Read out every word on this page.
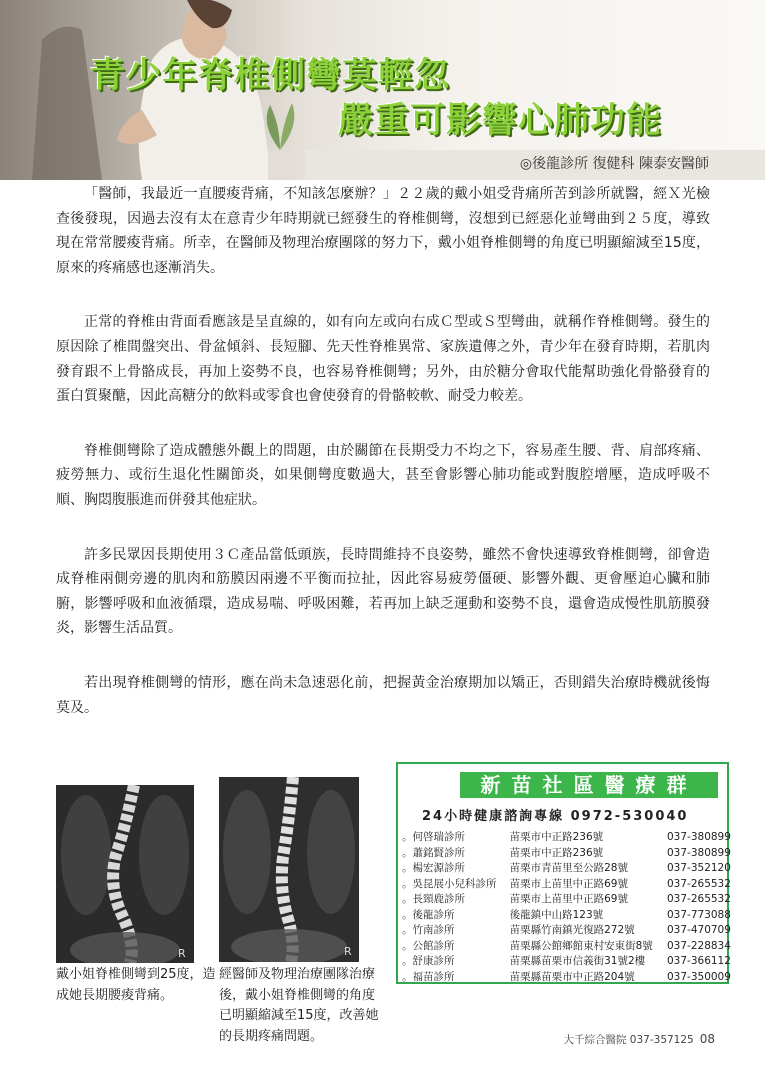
青少年脊椎側彎莫輕忽
嚴重可影響心肺功能
◎後龍診所 復健科 陳泰安醫師

「醫師，我最近一直腰痠背痛，不知該怎麼辦？」２２歲的戴小姐受背痛所苦到診所就醫，經Ｘ光檢查後發現，因過去沒有太在意青少年時期就已經發生的脊椎側彎，沒想到已經惡化並彎曲到２５度，導致現在常常腰痠背痛。所幸，在醫師及物理治療團隊的努力下，戴小姐脊椎側彎的角度已明顯縮減至15度，原來的疼痛感也逐漸消失。

正常的脊椎由背面看應該是呈直線的，如有向左或向右成Ｃ型或Ｓ型彎曲，就稱作脊椎側彎。發生的原因除了椎間盤突出、骨盆傾斜、長短腳、先天性脊椎異常、家族遺傳之外，青少年在發育時期，若肌肉發育跟不上骨骼成長，再加上姿勢不良，也容易脊椎側彎；另外，由於糖分會取代能幫助強化骨骼發育的蛋白質聚醣，因此高糖分的飲料或零食也會使發育的骨骼較軟、耐受力較差。

脊椎側彎除了造成體態外觀上的問題，由於關節在長期受力不均之下，容易產生腰、背、肩部疼痛、疲勞無力、或衍生退化性關節炎，如果側彎度數過大，甚至會影響心肺功能或對腹腔增壓，造成呼吸不順、胸悶腹脹進而併發其他症狀。

許多民眾因長期使用３Ｃ產品當低頭族，長時間維持不良姿勢，雖然不會快速導致脊椎側彎，卻會造成脊椎兩側旁邊的肌肉和筋膜因兩邊不平衡而拉扯，因此容易疲勞僵硬、影響外觀、更會壓迫心臟和肺腑，影響呼吸和血液循環，造成易喘、呼吸困難，若再加上缺乏運動和姿勢不良，還會造成慢性肌筋膜發炎，影響生活品質。

若出現脊椎側彎的情形，應在尚未急速惡化前，把握黃金治療期加以矯正，否則錯失治療時機就後悔莫及。

R	R
戴小姐脊椎側彎到25度，造成她長期腰痠背痛。
經醫師及物理治療團隊治療後，戴小姐脊椎側彎的角度已明顯縮減至15度，改善她的長期疼痛問題。
新苗社區醫療群
24小時健康諮詢專線 0972-530040
。何啓瑞診所	苗栗市中正路236號	037-380899
。蕭銘賢診所	苗栗市中正路236號	037-380899
。楊宏源診所	苗栗市青苗里至公路28號	037-352120
。吳昆展小兒科診所	苗栗市上苗里中正路69號	037-265532
。長頸鹿診所	苗栗市上苗里中正路69號	037-265532
。後龍診所	後龍鎮中山路123號	037-773088
。竹南診所	苗栗縣竹南鎮光復路272號	037-470709
。公館診所	苗栗縣公館鄉館東村安東街8號	037-228834
。舒康診所	苗栗縣苗栗市信義街31號2樓	037-366112
。福苗診所	苗栗縣苗栗市中正路204號	037-350009
大千綜合醫院 037-357125 08
